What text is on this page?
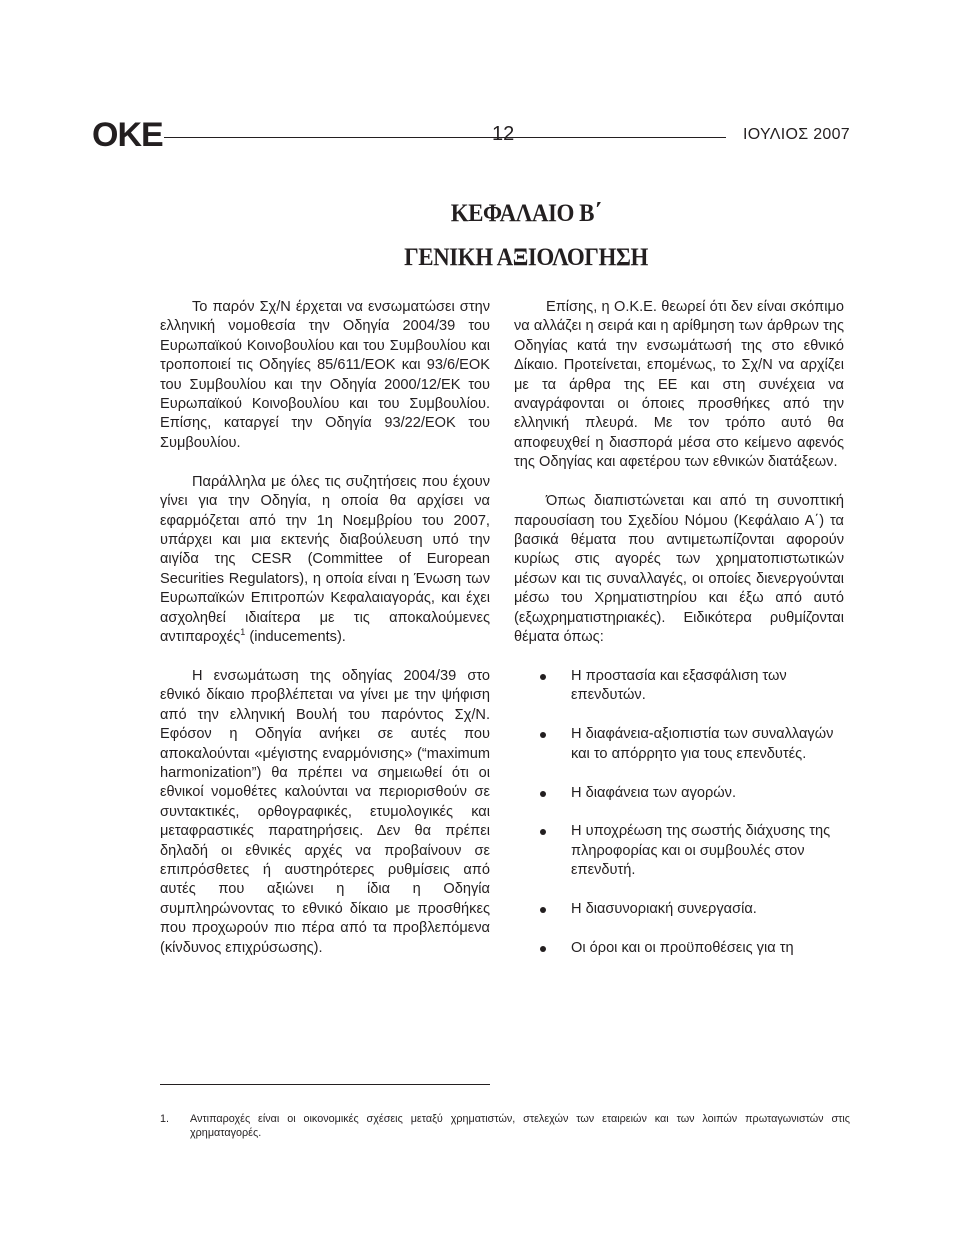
ΟΚΕ	12	ΙΟΥΛΙΟΣ 2007
ΚΕΦΑΛΑΙΟ Β΄
ΓΕΝΙΚΗ ΑΞΙΟΛΟΓΗΣΗ

Το παρόν Σχ/Ν έρχεται να ενσωματώσει στην ελληνική νομοθεσία την Οδηγία 2004/39 του Ευρωπαϊκού Κοινοβουλίου και του Συμβουλίου και τροποποιεί τις Οδηγίες 85/611/ΕΟΚ και 93/6/ΕΟΚ του Συμβουλίου και την Οδηγία 2000/12/ΕΚ του Ευρωπαϊκού Κοινοβουλίου και του Συμβουλίου. Επίσης, καταργεί την Οδηγία 93/22/ΕΟΚ του Συμβουλίου.

Παράλληλα με όλες τις συζητήσεις που έχουν γίνει για την Οδηγία, η οποία θα αρχίσει να εφαρμόζεται από την 1η Νοεμβρίου του 2007, υπάρχει και μια εκτενής διαβούλευση υπό την αιγίδα της CESR (Committee of European Securities Regulators), η οποία είναι η Ένωση των Ευρωπαϊκών Επιτροπών Κεφαλαιαγοράς, και έχει ασχοληθεί ιδιαίτερα με τις αποκαλούμενες αντιπαροχές$^1$ (inducements).

Η ενσωμάτωση της οδηγίας 2004/39 στο εθνικό δίκαιο προβλέπεται να γίνει με την ψήφιση από την ελληνική Βουλή του παρόντος Σχ/Ν. Εφόσον η Οδηγία ανήκει σε αυτές που αποκαλούνται «μέγιστης εναρμόνισης» (“maximum harmonization”) θα πρέπει να σημειωθεί ότι οι εθνικοί νομοθέτες καλούνται να περιορισθούν σε συντακτικές, ορθογραφικές, ετυμολογικές και μεταφραστικές παρατηρήσεις. Δεν θα πρέπει δηλαδή οι εθνικές αρχές να προβαίνουν σε επιπρόσθετες ή αυστηρότερες ρυθμίσεις από αυτές που αξιώνει η ίδια η Οδηγία συμπληρώνοντας το εθνικό δίκαιο με προσθήκες που προχωρούν πιο πέρα από τα προβλεπόμενα (κίνδυνος επιχρύσωσης).

Επίσης, η Ο.Κ.Ε. θεωρεί ότι δεν είναι σκόπιμο να αλλάζει η σειρά και η αρίθμηση των άρθρων της Οδηγίας κατά την ενσωμάτωσή της στο εθνικό Δίκαιο. Προτείνεται, επομένως, το Σχ/Ν να αρχίζει με τα άρθρα της ΕΕ και στη συνέχεια να αναγράφονται οι όποιες προσθήκες από την ελληνική πλευρά. Με τον τρόπο αυτό θα αποφευχθεί η διασπορά μέσα στο κείμενο αφενός της Οδηγίας και αφετέρου των εθνικών διατάξεων.

Όπως διαπιστώνεται και από τη συνοπτική παρουσίαση του Σχεδίου Νόμου (Κεφάλαιο Α΄) τα βασικά θέματα που αντιμετωπίζονται αφορούν κυρίως στις αγορές των χρηματοπιστωτικών μέσων και τις συναλλαγές, οι οποίες διενεργούνται μέσω του Χρηματιστηρίου και έξω από αυτό (εξωχρηματιστηριακές). Ειδικότερα ρυθμίζονται θέματα όπως:

Η προστασία και εξασφάλιση των επενδυτών.
Η διαφάνεια-αξιοπιστία των συναλλαγών και το απόρρητο για τους επενδυτές.
Η διαφάνεια των αγορών.
Η υποχρέωση της σωστής διάχυσης της πληροφορίας και οι συμβουλές στον επενδυτή.
Η διασυνοριακή συνεργασία.
Οι όροι και οι προϋποθέσεις για τη
1. Αντιπαροχές είναι οι οικονομικές σχέσεις μεταξύ χρηματιστών, στελεχών των εταιρειών και των λοιπών πρωταγωνιστών στις χρηματαγορές.
